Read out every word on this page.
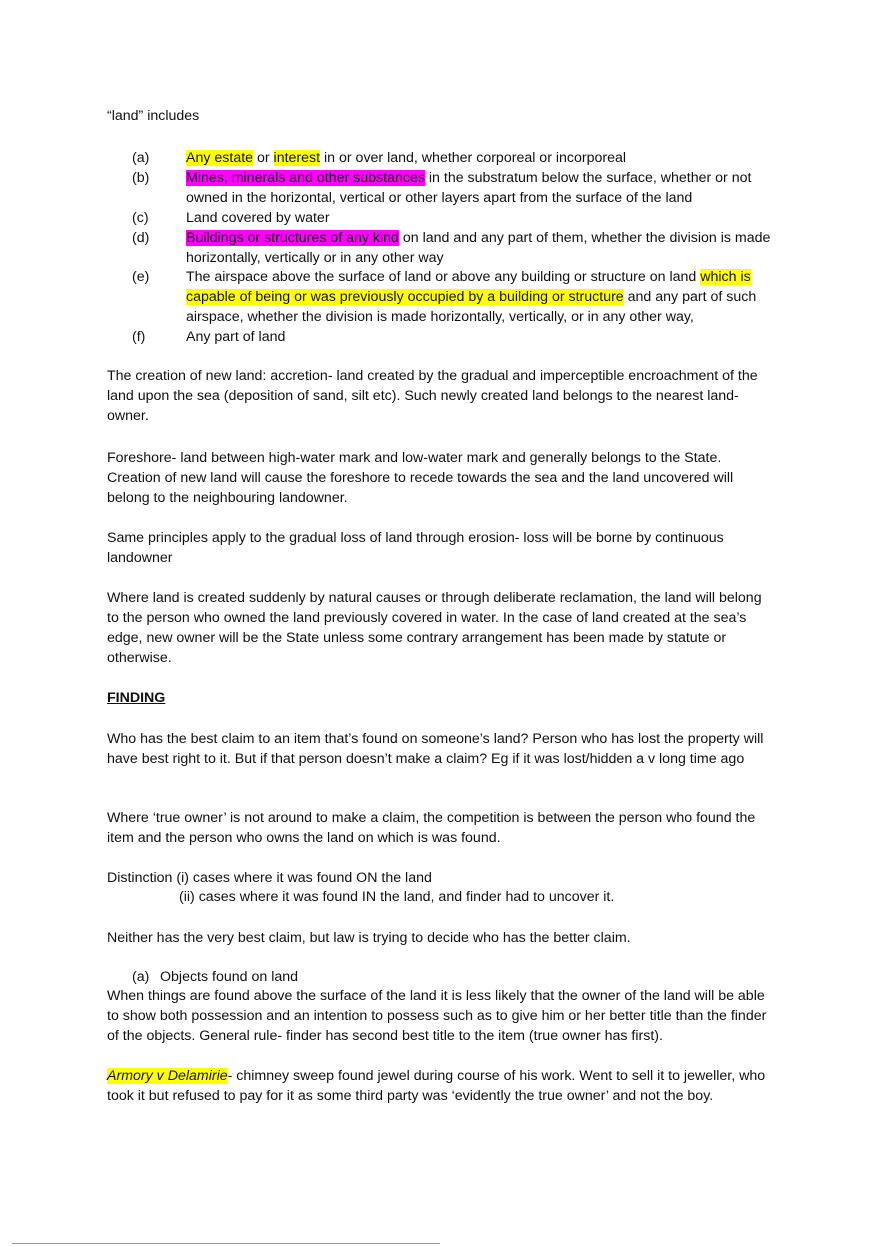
“land” includes
(a)	Any estate or interest in or over land, whether corporeal or incorporeal
(b)	Mines, minerals and other substances in the substratum below the surface, whether or not owned in the horizontal, vertical or other layers apart from the surface of the land
(c)	Land covered by water
(d)	Buildings or structures of any kind on land and any part of them, whether the division is made horizontally, vertically or in any other way
(e)	The airspace above the surface of land or above any building or structure on land which is capable of being or was previously occupied by a building or structure and any part of such airspace, whether the division is made horizontally, vertically, or in any other way,
(f)	Any part of land
The creation of new land: accretion- land created by the gradual and imperceptible encroachment of the land upon the sea (deposition of sand, silt etc). Such newly created land belongs to the nearest land-owner.
Foreshore- land between high-water mark and low-water mark and generally belongs to the State. Creation of new land will cause the foreshore to recede towards the sea and the land uncovered will belong to the neighbouring landowner.
Same principles apply to the gradual loss of land through erosion- loss will be borne by continuous landowner
Where land is created suddenly by natural causes or through deliberate reclamation, the land will belong to the person who owned the land previously covered in water. In the case of land created at the sea’s edge, new owner will be the State unless some contrary arrangement has been made by statute or otherwise.
FINDING
Who has the best claim to an item that’s found on someone’s land? Person who has lost the property will have best right to it. But if that person doesn’t make a claim? Eg if it was lost/hidden a v long time ago
Where ‘true owner’ is not around to make a claim, the competition is between the person who found the item and the person who owns the land on which is was found.
Distinction (i) cases where it was found ON the land
(ii) cases where it was found IN the land, and finder had to uncover it.
Neither has the very best claim, but law is trying to decide who has the better claim.
(a) Objects found on land
When things are found above the surface of the land it is less likely that the owner of the land will be able to show both possession and an intention to possess such as to give him or her better title than the finder of the objects. General rule- finder has second best title to the item (true owner has first).
Armory v Delamirie- chimney sweep found jewel during course of his work. Went to sell it to jeweller, who took it but refused to pay for it as some third party was ‘evidently the true owner’ and not the boy.
